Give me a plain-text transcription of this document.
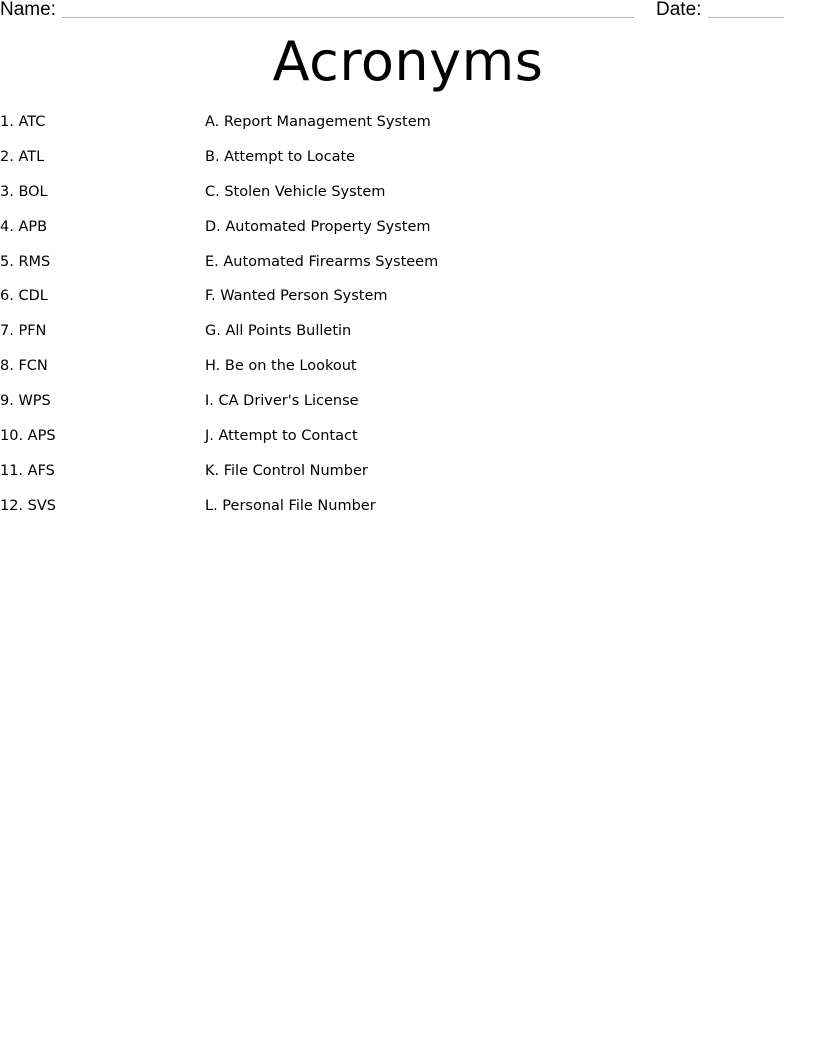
Name:	Date:
Acronyms
1. ATC	A. Report Management System
2. ATL	B. Attempt to Locate
3. BOL	C. Stolen Vehicle System
4. APB	D. Automated Property System
5. RMS	E. Automated Firearms Systeem
6. CDL	F. Wanted Person System
7. PFN	G. All Points Bulletin
8. FCN	H. Be on the Lookout
9. WPS	I. CA Driver's License
10. APS	J. Attempt to Contact
11. AFS	K. File Control Number
12. SVS	L. Personal File Number
